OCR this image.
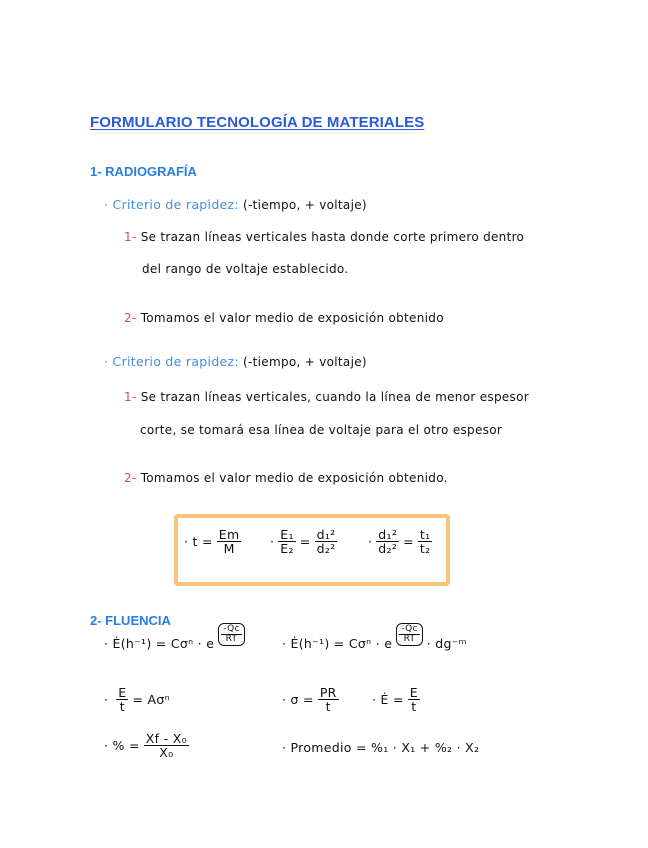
FORMULARIO TECNOLOGÍA DE MATERIALES
1- RADIOGRAFÍA
· Criterio de rapidez: (-tiempo, + voltaje)
1- Se trazan líneas verticales hasta donde corte primero dentro
del rango de voltaje establecido.
2- Tomamos el valor medio de exposición obtenido
· Criterio de rapidez: (-tiempo, + voltaje)
1- Se trazan líneas verticales, cuando la línea de menor espesor
corte, se tomará esa línea de voltaje para el otro espesor
2- Tomamos el valor medio de exposición obtenido.
· $t = \frac{Em}{M} \cdot \frac{\text{E₁}}{\text{E₂}} = \frac{\text{d₁²}}{\text{d₂²}} \cdot \frac{\text{d₁²}}{\text{d₂²}} = \frac{\text{t₁}}{\text{t₂}}$
2- FLUENCIA
· Ė(h⁻¹) = Cσⁿ · e $\frac{-Qc}{RT}$	· Ė(h⁻¹) = Cσⁿ · e $\frac{-Qc}{RT}$ · dg⁻ᵐ
· $\frac{E}{t} = A\sigma^n$	· $\sigma = \frac{PR}{t}$	· Ė = $\frac{E}{t}$
· % = $\frac{\text{Xf - X₀}}{\text{X₀}}$	· Promedio = %₁ · X₁ + %₂ · X₂
